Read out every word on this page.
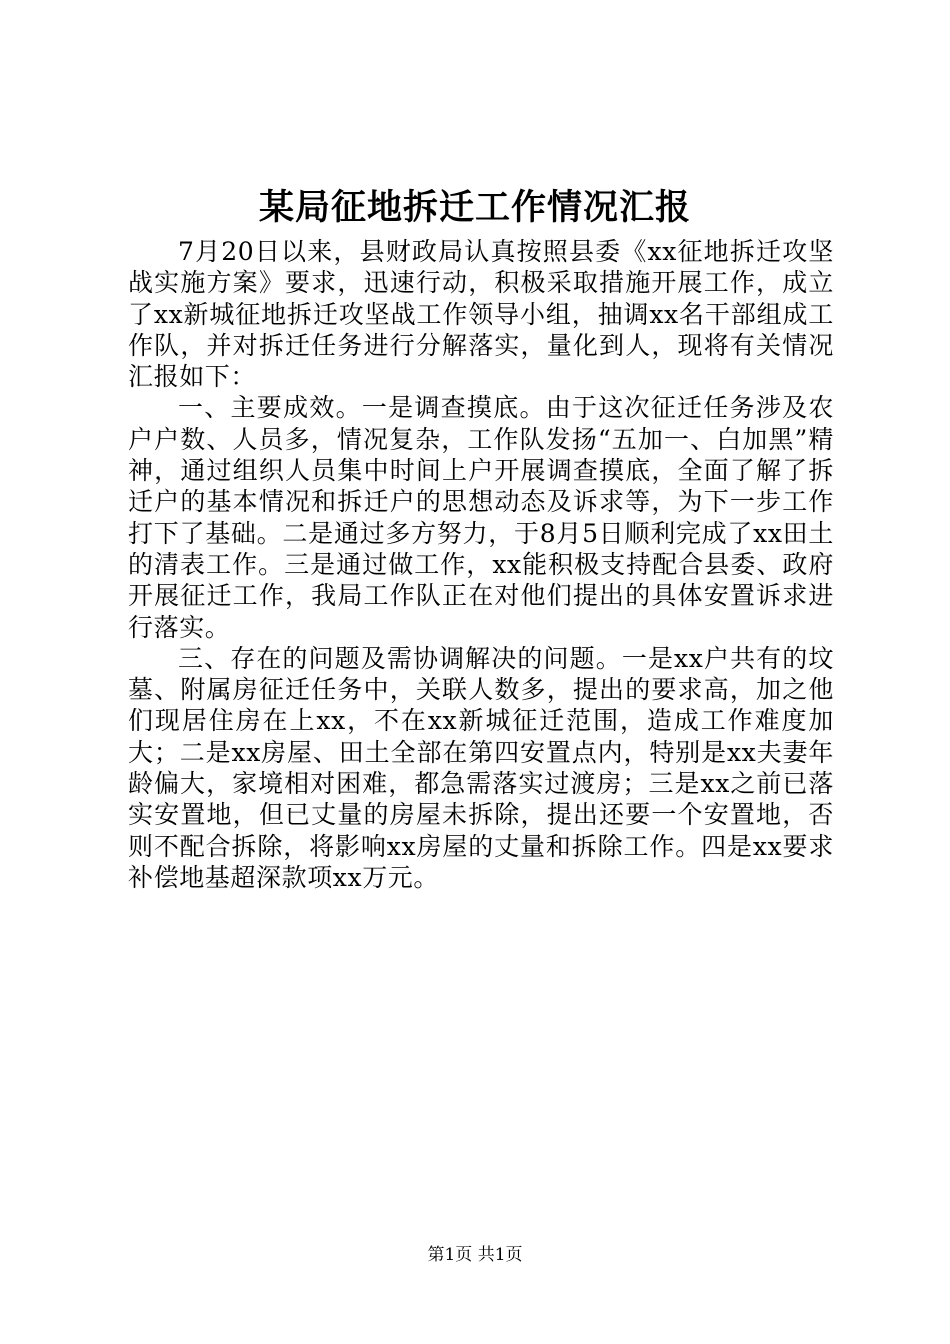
某局征地拆迁工作情况汇报

7月20日以来，县财政局认真按照县委《xx征地拆迁攻坚战实施方案》要求，迅速行动，积极采取措施开展工作，成立了xx新城征地拆迁攻坚战工作领导小组，抽调xx名干部组成工作队，并对拆迁任务进行分解落实，量化到人，现将有关情况汇报如下：

一、主要成效。一是调查摸底。由于这次征迁任务涉及农户户数、人员多，情况复杂，工作队发扬“五加一、白加黑”精神，通过组织人员集中时间上户开展调查摸底，全面了解了拆迁户的基本情况和拆迁户的思想动态及诉求等，为下一步工作打下了基础。二是通过多方努力，于8月5日顺利完成了xx田土的清表工作。三是通过做工作，xx能积极支持配合县委、政府开展征迁工作，我局工作队正在对他们提出的具体安置诉求进行落实。

三、存在的问题及需协调解决的问题。一是xx户共有的坟墓、附属房征迁任务中，关联人数多，提出的要求高，加之他们现居住房在上xx，不在xx新城征迁范围，造成工作难度加大；二是xx房屋、田土全部在第四安置点内，特别是xx夫妻年龄偏大，家境相对困难，都急需落实过渡房；三是xx之前已落实安置地，但已丈量的房屋未拆除，提出还要一个安置地，否则不配合拆除，将影响xx房屋的丈量和拆除工作。四是xx要求补偿地基超深款项xx万元。

第1页 共1页
